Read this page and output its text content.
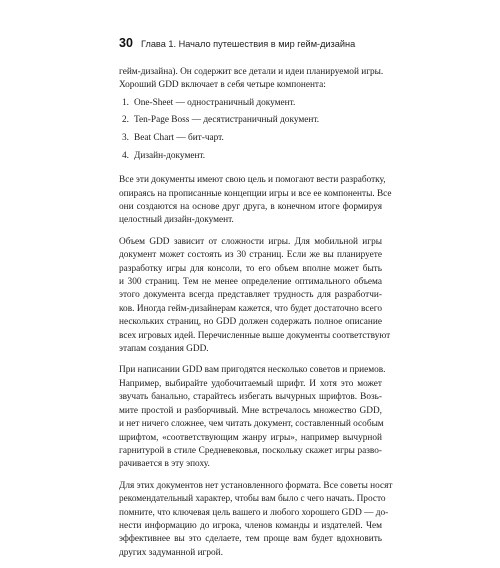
30 Глава 1. Начало путешествия в мир гейм-дизайна

гейм-дизайна). Он содержит все детали и идеи планируемой игры.
Хороший GDD включает в себя четыре компонента:

1. One-Sheet — одностраничный документ.
2. Ten-Page Boss — десятистраничный документ.
3. Beat Chart — бит-чарт.
4. Дизайн-документ.

Все эти документы имеют свою цель и помогают вести разработку,
опираясь на прописанные концепции игры и все ее компоненты. Все
они создаются на основе друг друга, в конечном итоге формируя
целостный дизайн-документ.

Объем GDD зависит от сложности игры. Для мобильной игры
документ может состоять из 30 страниц. Если же вы планируете
разработку игры для консоли, то его объем вполне может быть
и 300 страниц. Тем не менее определение оптимального объема
этого документа всегда представляет трудность для разработчи-
ков. Иногда гейм-дизайнерам кажется, что будет достаточно всего
нескольких страниц, но GDD должен содержать полное описание
всех игровых идей. Перечисленные выше документы соответствуют
этапам создания GDD.

При написании GDD вам пригодятся несколько советов и приемов.
Например, выбирайте удобочитаемый шрифт. И хотя это может
звучать банально, старайтесь избегать вычурных шрифтов. Возь-
мите простой и разборчивый. Мне встречалось множество GDD,
и нет ничего сложнее, чем читать документ, составленный особым
шрифтом, «соответствующим жанру игры», например вычурной
гарнитурой в стиле Средневековья, поскольку скажет игры разво-
рачивается в эту эпоху.

Для этих документов нет установленного формата. Все советы носят
рекомендательный характер, чтобы вам было с чего начать. Просто
помните, что ключевая цель вашего и любого хорошего GDD — до-
нести информацию до игрока, членов команды и издателей. Чем
эффективнее вы это сделаете, тем проще вам будет вдохновить
других задуманной игрой.
